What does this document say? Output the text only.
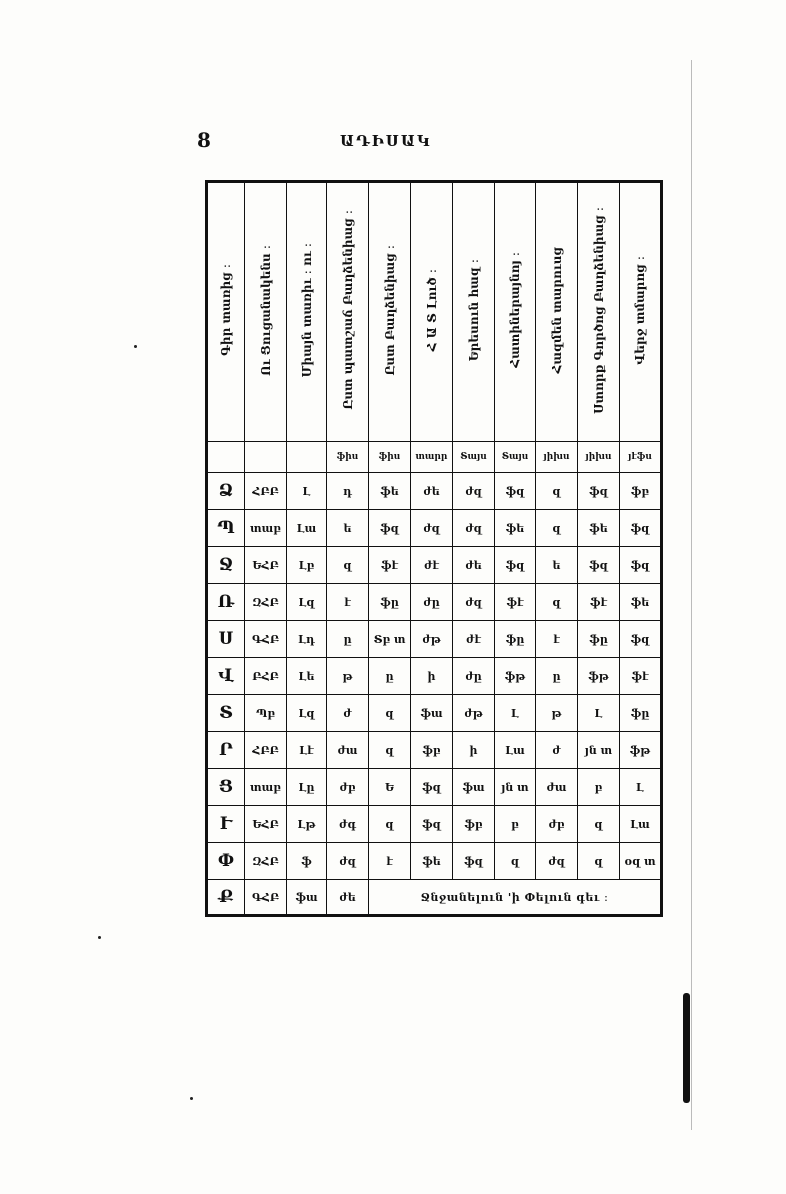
8	ԱԴԻՍԱԿ
Գիր տառից ։	Ու Ցուցանակենս ։	Միայն տառիւ ։ ու ։	Ըստ պատշաճ Բաղձենիաց ։	Ըստ Բաղձենիաց ։	Հ Ա Տ Լուծ ։	Երեսուն հազ ։	Հատիներայնոյ ։	Հազմեն տարուսց	Ստորք Գործոց Բաղձենիաց ։	Վերջ տմարոց ։
			ֆիս	ֆիս	տարր	Տայս	Տայս	յիխս	յիխս	յէֆս
Ձ	ՀԲԲ	Լ	դ	ֆե	ժե	ժզ	ֆզ	զ	ֆզ	ֆբ
Պ	տաբ	Լա	ե	ֆզ	ժզ	ժզ	ֆե	զ	ֆե	ֆզ
Ջ	ԵՀԲ	Լբ	զ	ֆէ	ժէ	ժե	ֆզ	ե	ֆզ	ֆզ
Ռ	ԶՀԲ	Լզ	է	ֆը	ժը	ժզ	ֆէ	զ	ֆէ	ֆե
Ս	ԳՀԲ	Լդ	ը	Տբ տ	ժթ	ժէ	ֆը	է	ֆը	ֆզ
Վ	ԲՀԲ	Լե	թ	ը	ի	ժը	ֆթ	ը	ֆթ	ֆէ
Տ	Պբ	Լզ	ժ	զ	ֆա	ժթ	Լ	թ	Լ	ֆը
Ր	ՀԲԲ	Լէ	ժա	զ	ֆբ	ի	Լա	ժ	յն տ	ֆթ
Ց	տաբ	Լը	ժբ	Ե	ֆզ	ֆա	յն տ	ժա	բ	Լ
Ւ	ԵՀԲ	Լթ	ժգ	զ	ֆզ	ֆբ	բ	ժբ	զ	Լա
Փ	ԶՀԲ	ֆ	ժզ	է	ֆե	ֆզ	զ	ժզ	զ	օզ տ
Ք	ԳՀԲ	ֆա	ժե	Ջնջանելուն 'ի Փելուն գեւ ։						
